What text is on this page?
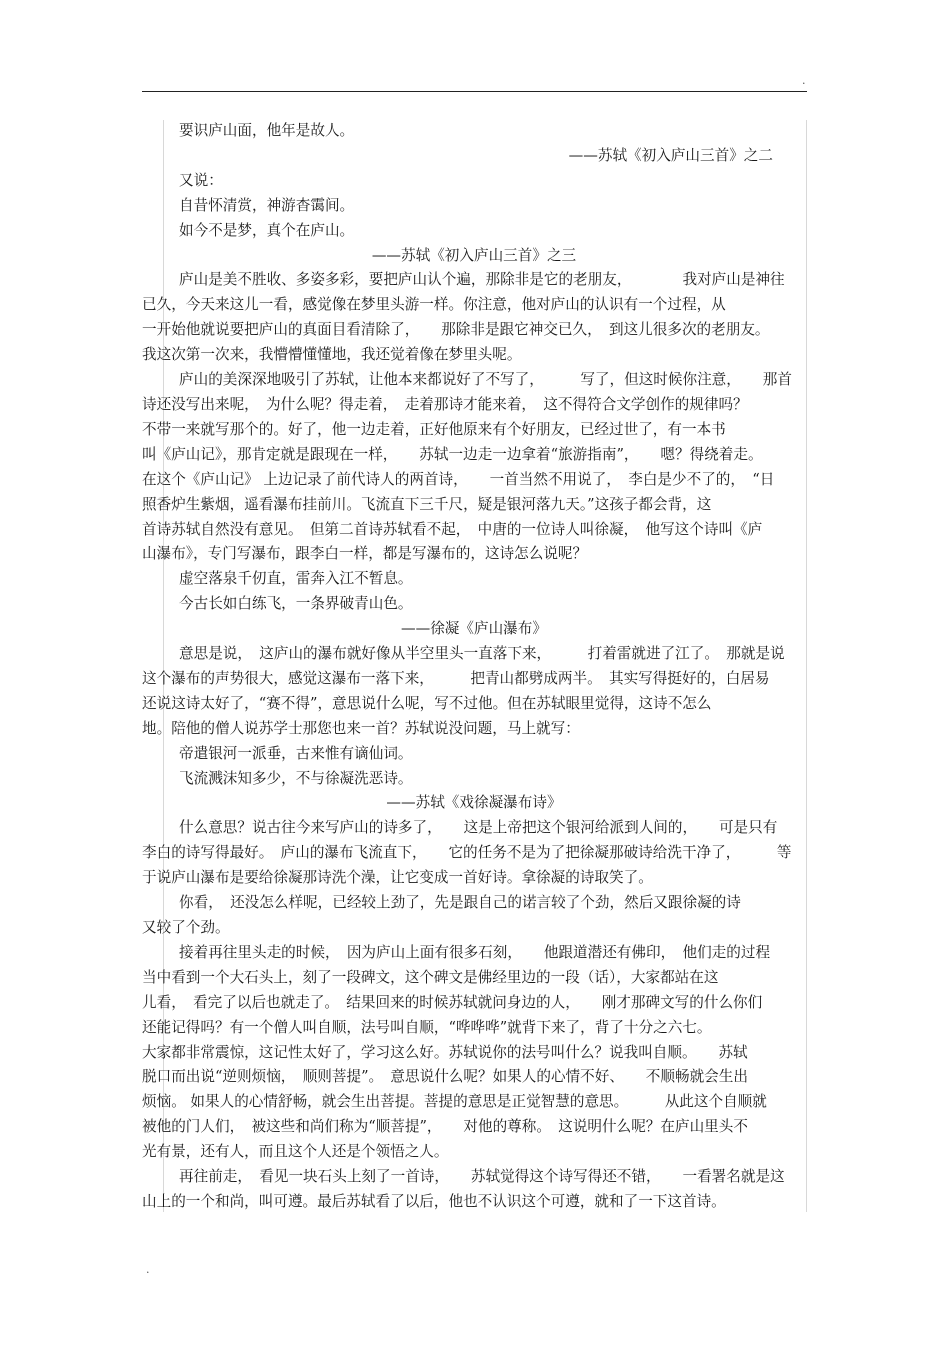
.

要识庐山面，他年是故人。

——苏轼《初入庐山三首》之二

又说：

自昔怀清赏，神游杳霭间。

如今不是梦，真个在庐山。

——苏轼《初入庐山三首》之三

庐山是美不胜收、多姿多彩，要把庐山认个遍，那除非是它的老朋友，　　　　我对庐山是神往

已久，今天来这儿一看，感觉像在梦里头游一样。你注意，他对庐山的认识有一个过程，从

一开始他就说要把庐山的真面目看清除了，　　那除非是跟它神交已久，　到这儿很多次的老朋友。

我这次第一次来，我懵懵懂懂地，我还觉着像在梦里头呢。

庐山的美深深地吸引了苏轼，让他本来都说好了不写了，　　　写了，但这时候你注意，　　那首

诗还没写出来呢，　为什么呢？得走着，　走着那诗才能来着，　这不得符合文学创作的规律吗？

不带一来就写那个的。好了，他一边走着，正好他原来有个好朋友，已经过世了，有一本书

叫《庐山记》，那肯定就是跟现在一样，　　苏轼一边走一边拿着“旅游指南”，　　嗯？得绕着走。

在这个《庐山记》 上边记录了前代诗人的两首诗，　　一首当然不用说了，　李白是少不了的，　“日

照香炉生紫烟，遥看瀑布挂前川。飞流直下三千尺，疑是银河落九天。”这孩子都会背，这

首诗苏轼自然没有意见。　但第二首诗苏轼看不起，　中唐的一位诗人叫徐凝，　他写这个诗叫《庐

山瀑布》，专门写瀑布，跟李白一样，都是写瀑布的，这诗怎么说呢？

虚空落泉千仞直，雷奔入江不暂息。

今古长如白练飞，一条界破青山色。

——徐凝《庐山瀑布》

意思是说，　这庐山的瀑布就好像从半空里头一直落下来，　　　打着雷就进了江了。　那就是说

这个瀑布的声势很大，感觉这瀑布一落下来，　　　把青山都劈成两半。　其实写得挺好的，白居易

还说这诗太好了，“赛不得”，意思说什么呢，写不过他。但在苏轼眼里觉得，这诗不怎么

地。陪他的僧人说苏学士那您也来一首？苏轼说没问题，马上就写：

帝遣银河一派垂，古来惟有谪仙词。

飞流溅沫知多少，不与徐凝洗恶诗。

——苏轼《戏徐凝瀑布诗》

什么意思？说古往今来写庐山的诗多了，　　这是上帝把这个银河给派到人间的，　　可是只有

李白的诗写得最好。　庐山的瀑布飞流直下，　　它的任务不是为了把徐凝那破诗给洗干净了，　　　等

于说庐山瀑布是要给徐凝那诗洗个澡，让它变成一首好诗。拿徐凝的诗取笑了。

你看，　还没怎么样呢，已经较上劲了，先是跟自己的诺言较了个劲，然后又跟徐凝的诗

又较了个劲。

接着再往里头走的时候，　因为庐山上面有很多石刻，　　他跟道潜还有佛印，　他们走的过程

当中看到一个大石头上，刻了一段碑文，这个碑文是佛经里边的一段（话），大家都站在这

儿看，　看完了以后也就走了。　结果回来的时候苏轼就问身边的人，　　刚才那碑文写的什么你们

还能记得吗？有一个僧人叫自顺，法号叫自顺，“哗哗哗”就背下来了，背了十分之六七。

大家都非常震惊，这记性太好了，学习这么好。苏轼说你的法号叫什么？说我叫自顺。　　苏轼

脱口而出说“逆则烦恼，　顺则菩提”。　意思说什么呢？如果人的心情不好、　　不顺畅就会生出

烦恼。 如果人的心情舒畅，就会生出菩提。菩提的意思是正觉智慧的意思。　　　从此这个自顺就

被他的门人们，　被这些和尚们称为“顺菩提”，　　对他的尊称。　这说明什么呢？在庐山里头不

光有景，还有人，而且这个人还是个领悟之人。

再往前走，　看见一块石头上刻了一首诗，　　苏轼觉得这个诗写得还不错，　　一看署名就是这

山上的一个和尚，叫可遵。最后苏轼看了以后，他也不认识这个可遵，就和了一下这首诗。

.
